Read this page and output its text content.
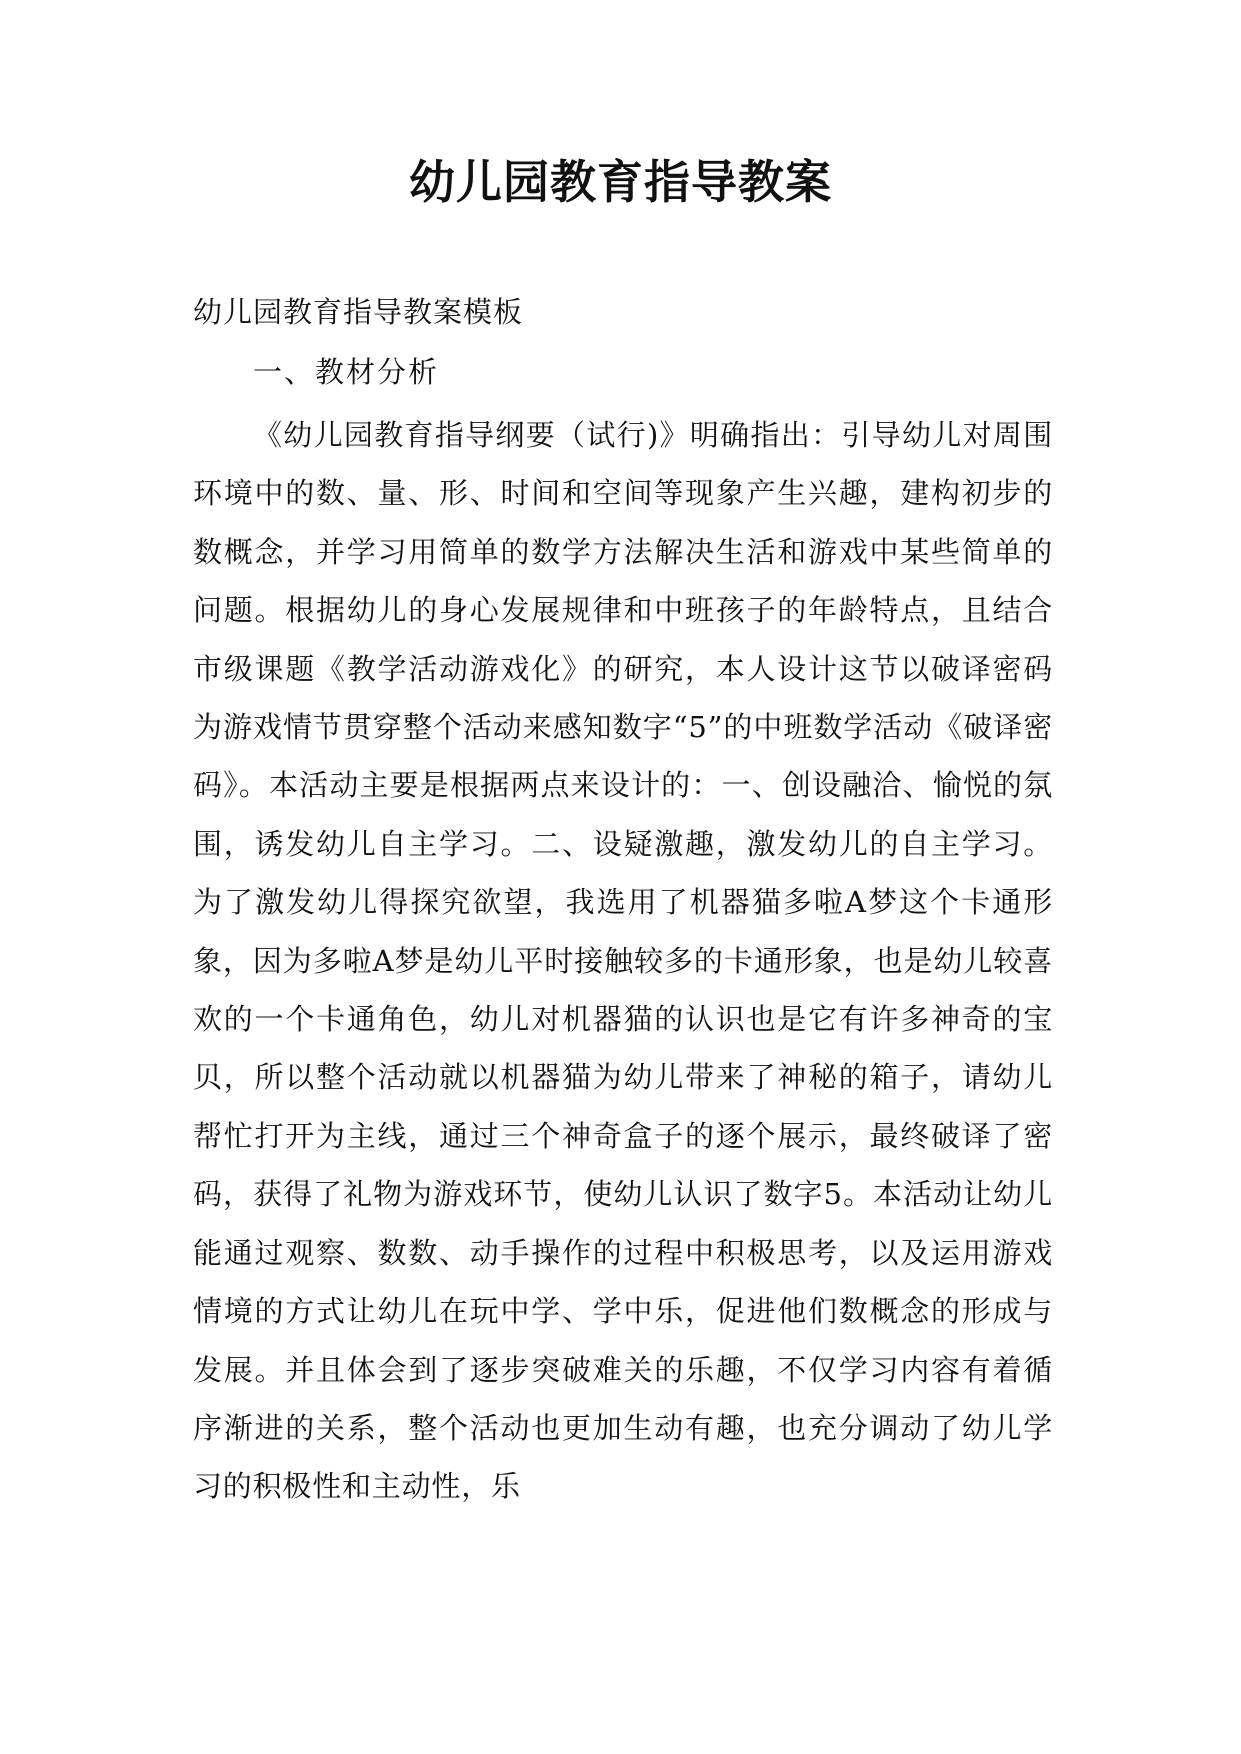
幼儿园教育指导教案

幼儿园教育指导教案模板

一、教材分析

《幼儿园教育指导纲要（试行)》明确指出：引导幼儿对周围环境中的数、量、形、时间和空间等现象产生兴趣，建构初步的数概念，并学习用简单的数学方法解决生活和游戏中某些简单的问题。根据幼儿的身心发展规律和中班孩子的年龄特点，且结合市级课题《教学活动游戏化》的研究，本人设计这节以破译密码为游戏情节贯穿整个活动来感知数字“5”的中班数学活动《破译密码》。本活动主要是根据两点来设计的：一、创设融洽、愉悦的氛围，诱发幼儿自主学习。二、设疑激趣，激发幼儿的自主学习。为了激发幼儿得探究欲望，我选用了机器猫多啦A梦这个卡通形象，因为多啦A梦是幼儿平时接触较多的卡通形象，也是幼儿较喜欢的一个卡通角色，幼儿对机器猫的认识也是它有许多神奇的宝贝，所以整个活动就以机器猫为幼儿带来了神秘的箱子，请幼儿帮忙打开为主线，通过三个神奇盒子的逐个展示，最终破译了密码，获得了礼物为游戏环节，使幼儿认识了数字5。本活动让幼儿能通过观察、数数、动手操作的过程中积极思考，以及运用游戏情境的方式让幼儿在玩中学、学中乐，促进他们数概念的形成与发展。并且体会到了逐步突破难关的乐趣，不仅学习内容有着循序渐进的关系，整个活动也更加生动有趣，也充分调动了幼儿学习的积极性和主动性，乐
